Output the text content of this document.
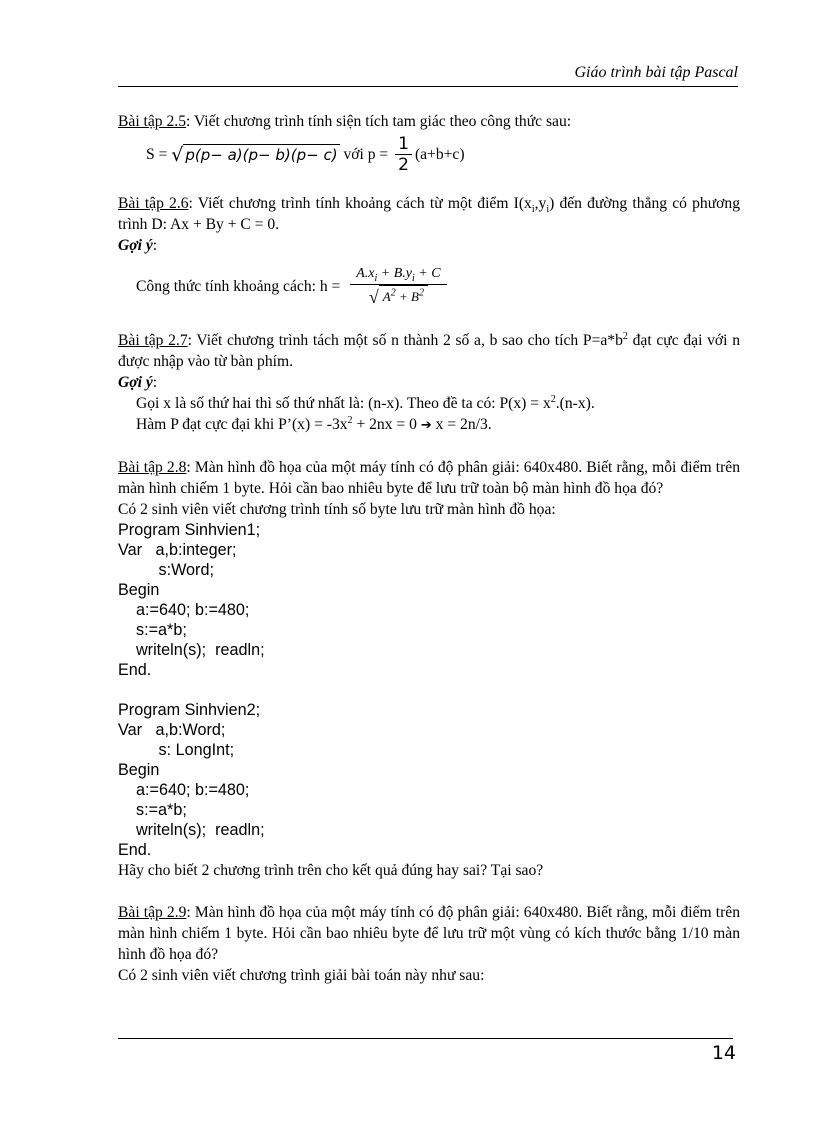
Giáo trình bài tập Pascal

Bài tập 2.5: Viết chương trình tính siện tích tam giác theo công thức sau:

S = √ p(p− a)(p− b)(p− c) với $p = \frac{1}{2} (a+b+c)$

Bài tập 2.6: Viết chương trình tính khoảng cách từ một điểm $I(x_i,y_i)$ đến đường thẳng có phương trình D: Ax + By + C = 0.

Gợi ý:

Công thức tính khoảng cách: $h = \frac{A.x_i + B.y_i + C}{√ A^2 + B^2}$

Bài tập 2.7: Viết chương trình tách một số n thành 2 số a, b sao cho tích $P=a*b^2$ đạt cực đại với n được nhập vào từ bàn phím.

Gợi ý:

Gọi x là số thứ hai thì số thứ nhất là: (n-x). Theo đề ta có: $P(x) = x^2.(n-x)$.

Hàm P đạt cực đại khi P’(x) = $-3x^2 + 2nx = 0$ ➔ x = 2n/3.

Bài tập 2.8: Màn hình đồ họa của một máy tính có độ phân giải: 640x480. Biết rằng, mỗi điểm trên màn hình chiếm 1 byte. Hỏi cần bao nhiêu byte để lưu trữ toàn bộ màn hình đồ họa đó?

Có 2 sinh viên viết chương trình tính số byte lưu trữ màn hình đồ họa:

Program Sinhvien1;
Var   a,b:integer;
s:Word;
Begin
a:=640; b:=480;
s:=a*b;
writeln(s);  readln;
End.
Program Sinhvien2;
Var   a,b:Word;
s: LongInt;
Begin
a:=640; b:=480;
s:=a*b;
writeln(s);  readln;
End.

Hãy cho biết 2 chương trình trên cho kết quả đúng hay sai? Tại sao?

Bài tập 2.9: Màn hình đồ họa của một máy tính có độ phân giải: 640x480. Biết rằng, mỗi điểm trên màn hình chiếm 1 byte. Hỏi cần bao nhiêu byte để lưu trữ một vùng có kích thước bằng 1/10 màn hình đồ họa đó?

Có 2 sinh viên viết chương trình giải bài toán này như sau:

14
